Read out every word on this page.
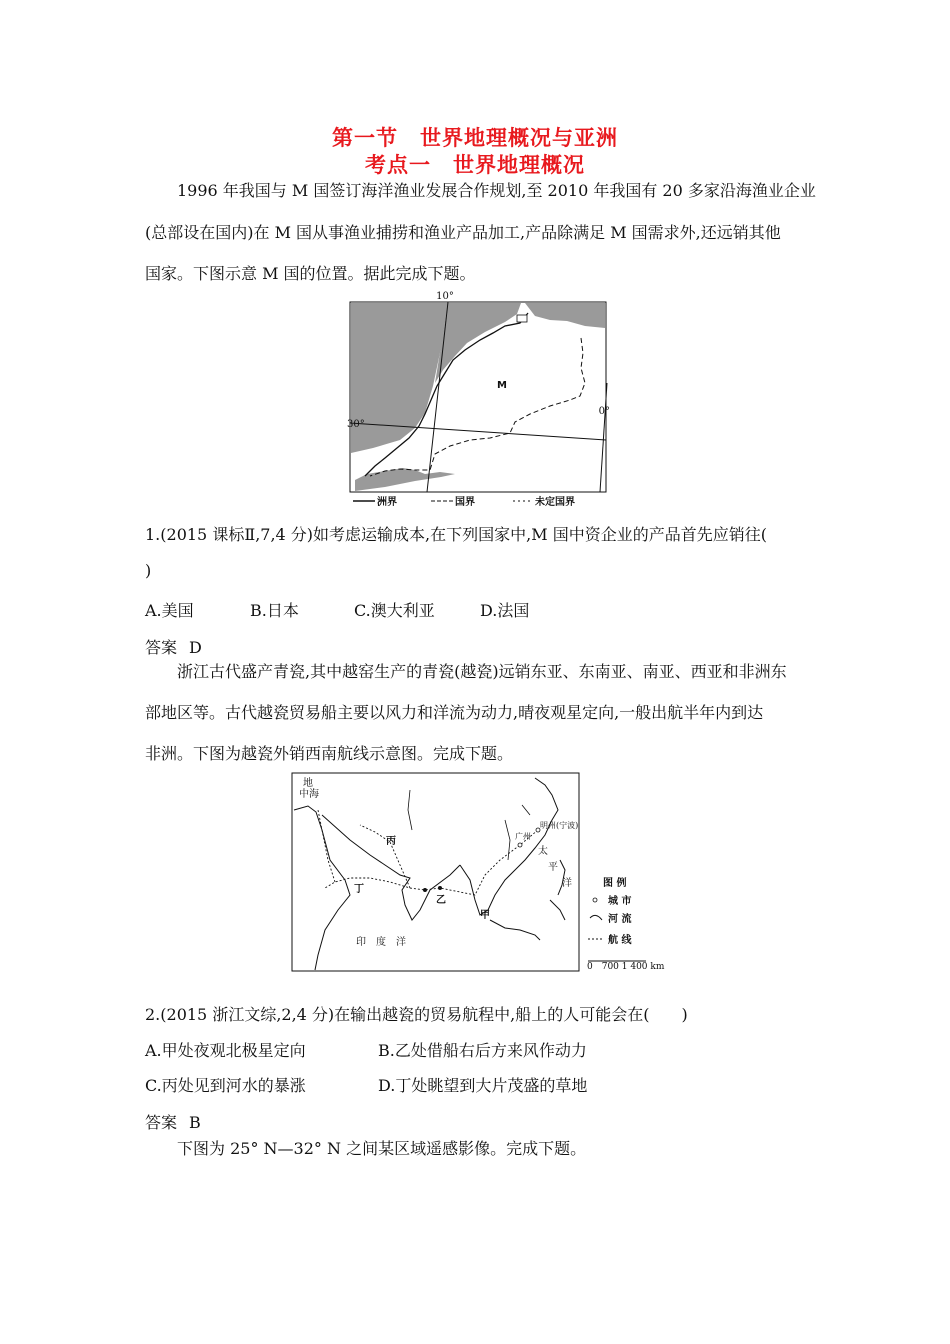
第一节 世界地理概况与亚洲
考点一 世界地理概况
1996 年我国与 M 国签订海洋渔业发展合作规划,至 2010 年我国有 20 多家沿海渔业企业
(总部设在国内)在 M 国从事渔业捕捞和渔业产品加工,产品除满足 M 国需求外,还远销其他
国家。下图示意 M 国的位置。据此完成下题。
10°
0°
30°
M
洲界	国界	未定国界
1.(2015 课标Ⅱ,7,4 分)如考虑运输成本,在下列国家中,M 国中资企业的产品首先应销往(
)
A.美国	B.日本	C.澳大利亚	D.法国
答案 D
浙江古代盛产青瓷,其中越窑生产的青瓷(越瓷)远销东亚、东南亚、南亚、西亚和非洲东
部地区等。古代越瓷贸易船主要以风力和洋流为动力,晴夜观星定向,一般出航半年内到达
非洲。下图为越瓷外销西南航线示意图。完成下题。
地
中海
丙
乙
丁
甲
广州
明州(宁波)
太
平
洋
印　度　洋
图 例
城 市
河 流
航 线
0　700 1 400 km
2.(2015 浙江文综,2,4 分)在输出越瓷的贸易航程中,船上的人可能会在(　　)
A.甲处夜观北极星定向	B.乙处借船右后方来风作动力
C.丙处见到河水的暴涨	D.丁处眺望到大片茂盛的草地
答案 B
下图为 25° N—32° N 之间某区域遥感影像。完成下题。
